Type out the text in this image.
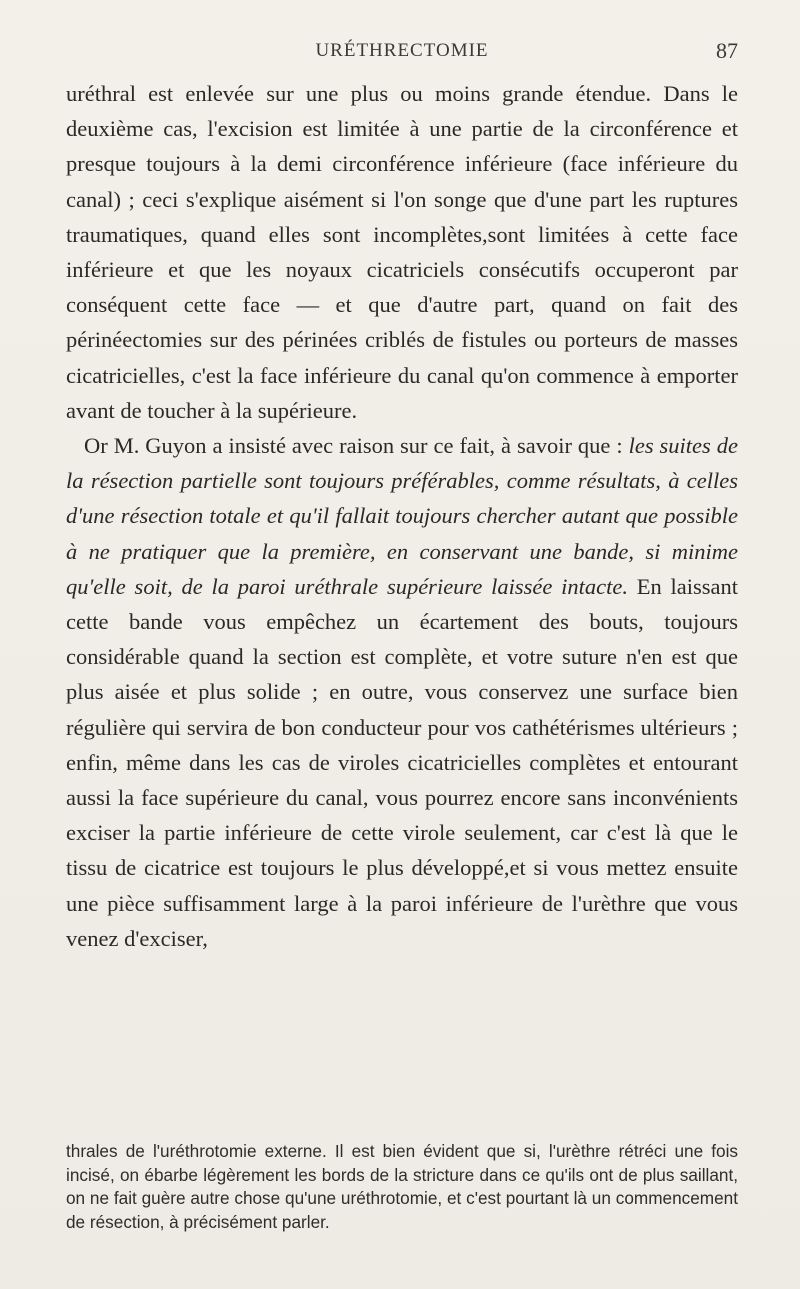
URÉTHRECTOMIE	87

uréthral est enlevée sur une plus ou moins grande étendue. Dans le deuxième cas, l'excision est limitée à une partie de la circonférence et presque toujours à la demi circonférence inférieure (face inférieure du canal) ; ceci s'explique aisément si l'on songe que d'une part les ruptures traumatiques, quand elles sont incomplètes,sont limitées à cette face inférieure et que les noyaux cicatriciels consécutifs occuperont par conséquent cette face — et que d'autre part, quand on fait des périnéectomies sur des périnées criblés de fistules ou porteurs de masses cicatricielles, c'est la face inférieure du canal qu'on commence à emporter avant de toucher à la supérieure.

Or M. Guyon a insisté avec raison sur ce fait, à savoir que : les suites de la résection partielle sont toujours préférables, comme résultats, à celles d'une résection totale et qu'il fallait toujours chercher autant que possible à ne pratiquer que la première, en conservant une bande, si minime qu'elle soit, de la paroi uréthrale supérieure laissée intacte. En laissant cette bande vous empêchez un écartement des bouts, toujours considérable quand la section est complète, et votre suture n'en est que plus aisée et plus solide ; en outre, vous conservez une surface bien régulière qui servira de bon conducteur pour vos cathétérismes ultérieurs ; enfin, même dans les cas de viroles cicatricielles complètes et entourant aussi la face supérieure du canal, vous pourrez encore sans inconvénients exciser la partie inférieure de cette virole seulement, car c'est là que le tissu de cicatrice est toujours le plus développé,et si vous mettez ensuite une pièce suffisamment large à la paroi inférieure de l'urèthre que vous venez d'exciser,

thrales de l'uréthrotomie externe. Il est bien évident que si, l'urèthre rétréci une fois incisé, on ébarbe légèrement les bords de la stricture dans ce qu'ils ont de plus saillant, on ne fait guère autre chose qu'une uréthrotomie, et c'est pourtant là un commencement de résection, à précisément parler.
